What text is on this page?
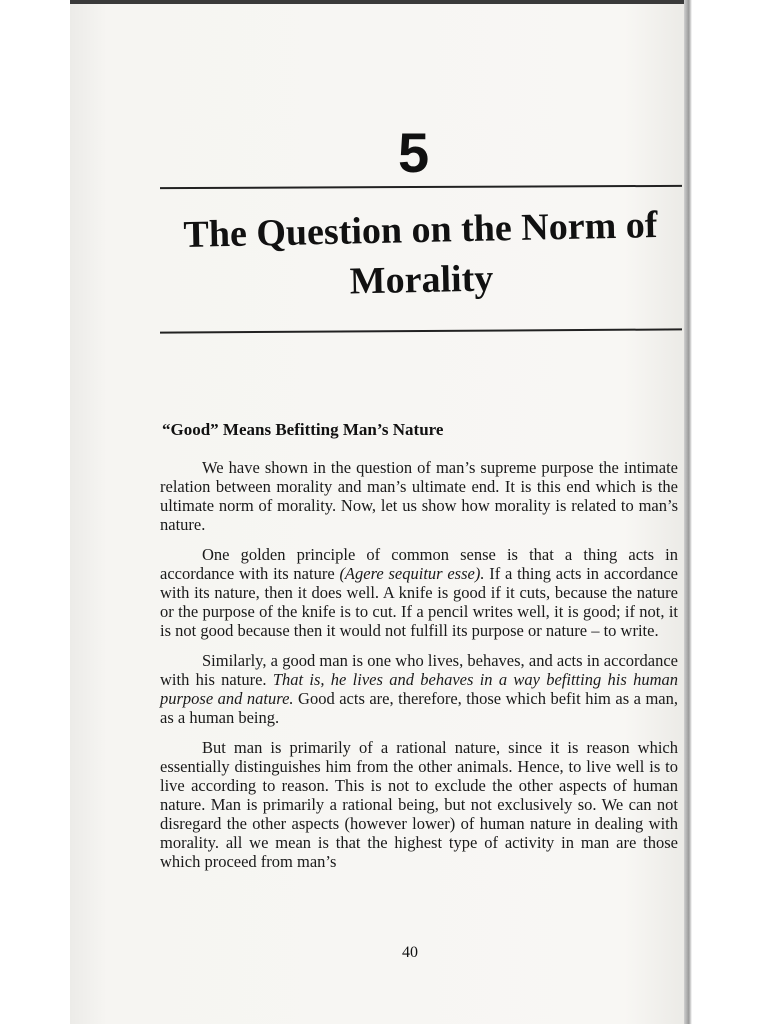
5
The Question on the Norm of Morality
“Good” Means Befitting Man’s Nature

We have shown in the question of man’s supreme purpose the intimate relation between morality and man’s ultimate end. It is this end which is the ultimate norm of morality. Now, let us show how morality is related to man’s nature.

One golden principle of common sense is that a thing acts in accordance with its nature (Agere sequitur esse). If a thing acts in accordance with its nature, then it does well. A knife is good if it cuts, because the nature or the purpose of the knife is to cut. If a pencil writes well, it is good; if not, it is not good because then it would not fulfill its purpose or nature – to write.

Similarly, a good man is one who lives, behaves, and acts in accordance with his nature. That is, he lives and behaves in a way befitting his human purpose and nature. Good acts are, therefore, those which befit him as a man, as a human being.

But man is primarily of a rational nature, since it is reason which essentially distinguishes him from the other animals. Hence, to live well is to live according to reason. This is not to exclude the other aspects of human nature. Man is primarily a rational being, but not exclusively so. We can not disregard the other aspects (however lower) of human nature in dealing with morality. all we mean is that the highest type of activity in man are those which proceed from man’s

40
